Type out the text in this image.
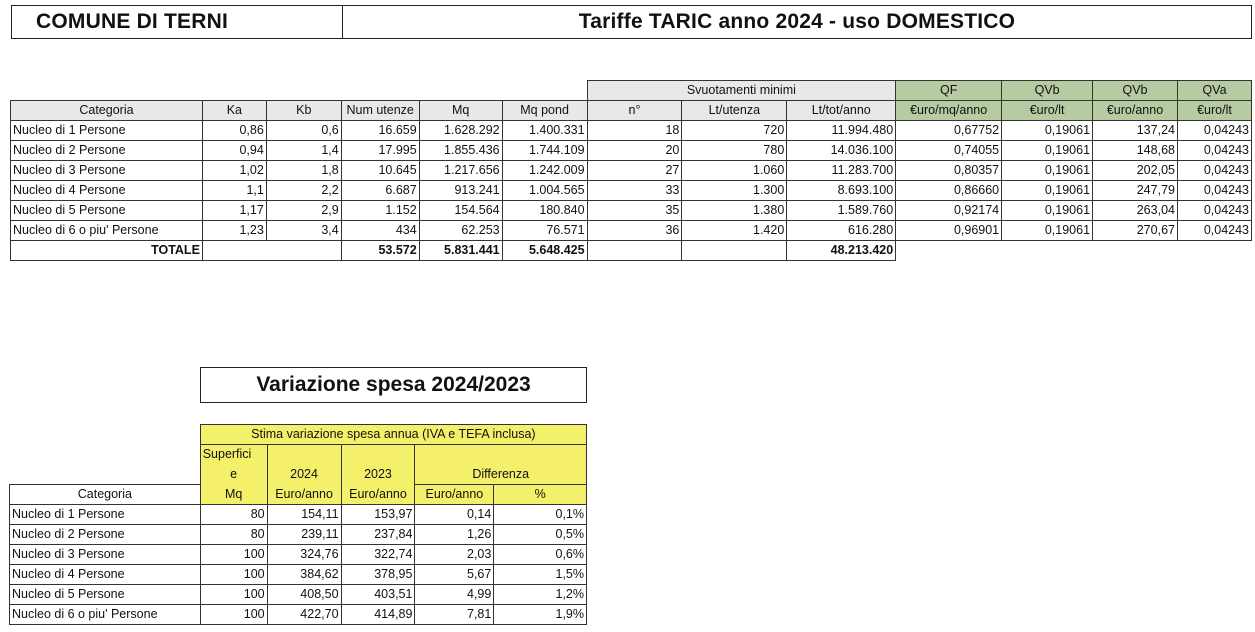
COMUNE DI TERNI	Tariffe TARIC anno 2024 - uso DOMESTICO
						Svuotamenti minimi			QF	QVb	QVb	QVa
Categoria	Ka	Kb	Num utenze	Mq	Mq pond	n°	Lt/utenza	Lt/tot/anno	€uro/mq/anno	€uro/lt	€uro/anno	€uro/lt
Nucleo di 1 Persone	0,86	0,6	16.659	1.628.292	1.400.331	18	720	11.994.480	0,67752	0,19061	137,24	0,04243
Nucleo di 2 Persone	0,94	1,4	17.995	1.855.436	1.744.109	20	780	14.036.100	0,74055	0,19061	148,68	0,04243
Nucleo di 3 Persone	1,02	1,8	10.645	1.217.656	1.242.009	27	1.060	11.283.700	0,80357	0,19061	202,05	0,04243
Nucleo di 4 Persone	1,1	2,2	6.687	913.241	1.004.565	33	1.300	8.693.100	0,86660	0,19061	247,79	0,04243
Nucleo di 5 Persone	1,17	2,9	1.152	154.564	180.840	35	1.380	1.589.760	0,92174	0,19061	263,04	0,04243
Nucleo di 6 o piu' Persone	1,23	3,4	434	62.253	76.571	36	1.420	616.280	0,96901	0,19061	270,67	0,04243
TOTALE			53.572	5.831.441	5.648.425			48.213.420				
Variazione spesa 2024/2023
	Stima variazione spesa annua (IVA e TEFA inclusa)				
	Superfici				
	e	2024	2023	Differenza	
Categoria	Mq	Euro/anno	Euro/anno	Euro/anno	%
Nucleo di 1 Persone	80	154,11	153,97	0,14	0,1%
Nucleo di 2 Persone	80	239,11	237,84	1,26	0,5%
Nucleo di 3 Persone	100	324,76	322,74	2,03	0,6%
Nucleo di 4 Persone	100	384,62	378,95	5,67	1,5%
Nucleo di 5 Persone	100	408,50	403,51	4,99	1,2%
Nucleo di 6 o piu' Persone	100	422,70	414,89	7,81	1,9%
